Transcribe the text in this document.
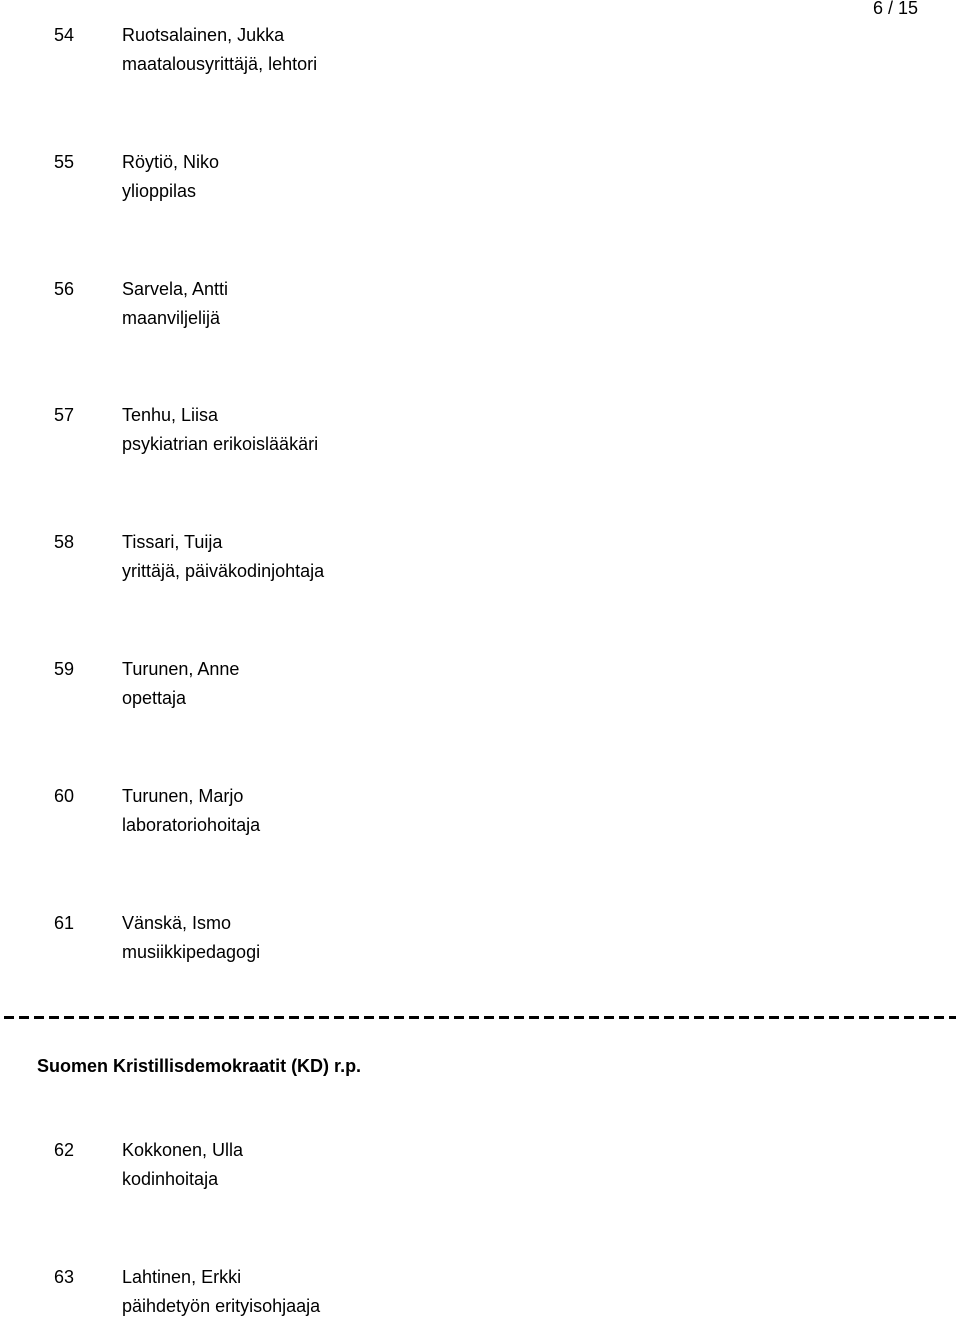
6 / 15
54	Ruotsalainen, Jukka
maatalousyrittäjä, lehtori
55	Röytiö, Niko
ylioppilas
56	Sarvela, Antti
maanviljelijä
57	Tenhu, Liisa
psykiatrian erikoislääkäri
58	Tissari, Tuija
yrittäjä, päiväkodinjohtaja
59	Turunen, Anne
opettaja
60	Turunen, Marjo
laboratoriohoitaja
61	Vänskä, Ismo
musiikkipedagogi
Suomen Kristillisdemokraatit (KD) r.p.
62	Kokkonen, Ulla
kodinhoitaja
63	Lahtinen, Erkki
päihdetyön erityisohjaaja
